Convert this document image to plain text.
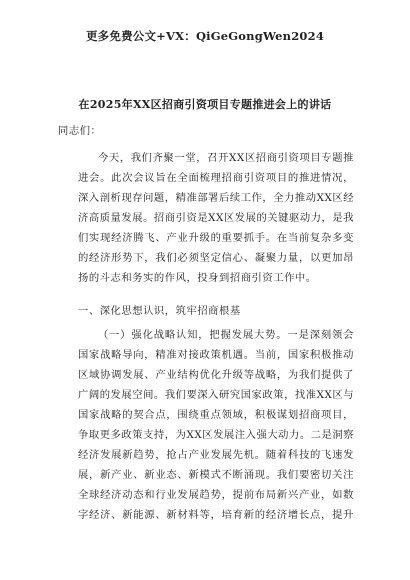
更多免费公文+VX：QiGeGongWen2024
在2025年XX区招商引资项目专题推进会上的讲话
同志们：
今天，我们齐聚一堂，召开XX区招商引资项目专题推
进会。此次会议旨在全面梳理招商引资项目的推进情况，
深入剖析现存问题，精准部署后续工作，全力推动XX区经
济高质量发展。招商引资是XX区发展的关键驱动力，是我
们实现经济腾飞、产业升级的重要抓手。在当前复杂多变
的经济形势下，我们必须坚定信心、凝聚力量，以更加昂
扬的斗志和务实的作风，投身到招商引资工作中。
一、深化思想认识，筑牢招商根基
（一）强化战略认知，把握发展大势。一是深刻领会
国家战略导向，精准对接政策机遇。当前，国家积极推动
区域协调发展、产业结构优化升级等战略，为我们提供了
广阔的发展空间。我们要深入研究国家政策，找准XX区与
国家战略的契合点，围绕重点领域，积极谋划招商项目，
争取更多政策支持，为XX区发展注入强大动力。二是洞察
经济发展新趋势，抢占产业发展先机。随着科技的飞速发
展，新产业、新业态、新模式不断涌现。我们要密切关注
全球经济动态和行业发展趋势，提前布局新兴产业，如数
字经济、新能源、新材料等，培育新的经济增长点，提升
